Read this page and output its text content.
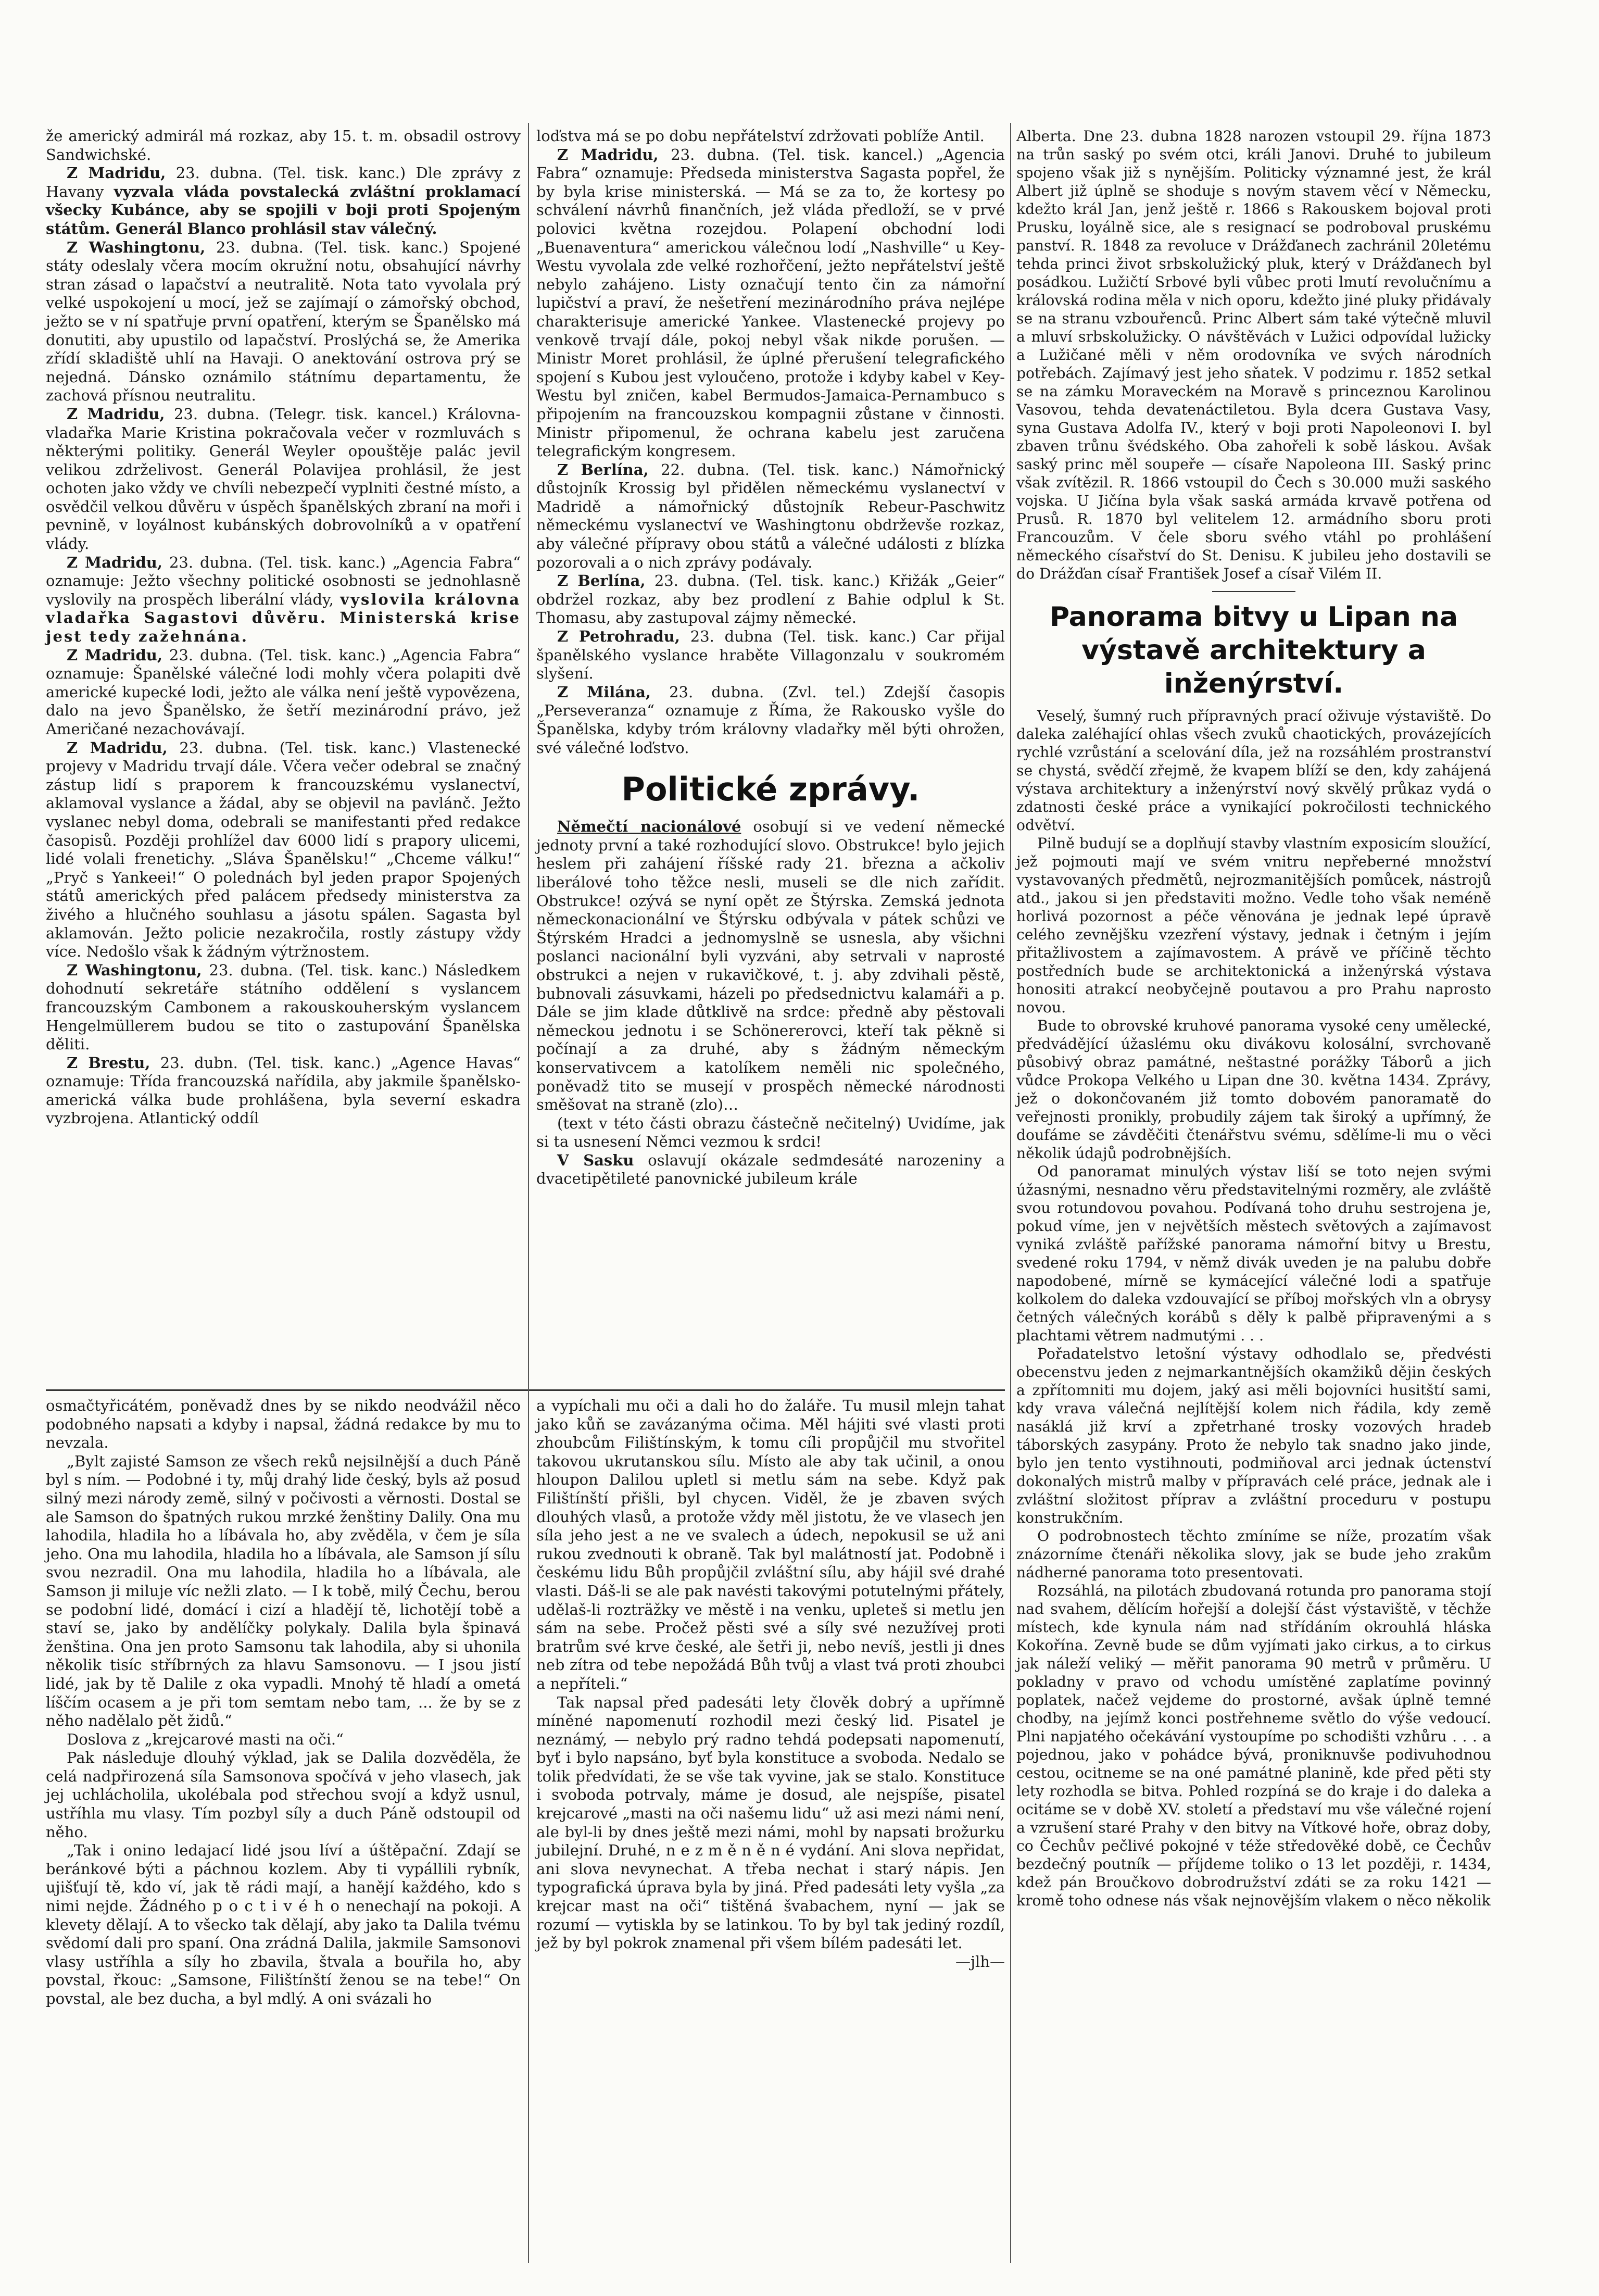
že americký admirál má rozkaz, aby 15. t. m. obsadil ostrovy Sandwichské.

Z Madridu, 23. dubna. (Tel. tisk. kanc.) Dle zprávy z Havany vyzvala vláda povstalecká zvláštní proklamací všecky Kubánce, aby se spojili v boji proti Spojeným státům. Generál Blanco prohlásil stav válečný.

Z Washingtonu, 23. dubna. (Tel. tisk. kanc.) Spojené státy odeslaly včera mocím okružní notu, obsahující návrhy stran zásad o lapačství a neutralitě. Nota tato vyvolala prý velké uspokojení u mocí, jež se zajímají o zámořský obchod, ježto se v ní spatřuje první opatření, kterým se Španělsko má donutiti, aby upustilo od lapačství. Proslýchá se, že Amerika zřídí skladiště uhlí na Havaji. O anektování ostrova prý se nejedná. Dánsko oznámilo státnímu departamentu, že zachová přísnou neutralitu.

Z Madridu, 23. dubna. (Telegr. tisk. kancel.) Královna-vladařka Marie Kristina pokračovala večer v rozmluvách s některými politiky. Generál Weyler opouštěje palác jevil velikou zdrželivost. Generál Polavijea prohlásil, že jest ochoten jako vždy ve chvíli nebezpečí vyplniti čestné místo, a osvědčil velkou důvěru v úspěch španělských zbraní na moři i pevnině, v loyálnost kubánských dobrovolníků a v opatření vlády.

Z Madridu, 23. dubna. (Tel. tisk. kanc.) „Agencia Fabra“ oznamuje: Ježto všechny politické osobnosti se jednohlasně vyslovily na prospěch liberální vlády, vyslovila královna vladařka Sagastovi důvěru. Ministerská krise jest tedy zažehnána.

Z Madridu, 23. dubna. (Tel. tisk. kanc.) „Agencia Fabra“ oznamuje: Španělské válečné lodi mohly včera polapiti dvě americké kupecké lodi, ježto ale válka není ještě vypovězena, dalo na jevo Španělsko, že šetří mezinárodní právo, jež Američané nezachovávají.

Z Madridu, 23. dubna. (Tel. tisk. kanc.) Vlastenecké projevy v Madridu trvají dále. Včera večer odebral se značný zástup lidí s praporem k francouzskému vyslanectví, aklamoval vyslance a žádal, aby se objevil na pavlánč. Ježto vyslanec nebyl doma, odebrali se manifestanti před redakce časopisů. Později prohlížel dav 6000 lidí s prapory ulicemi, lidé volali frenetichy. „Sláva Španělsku!“ „Chceme válku!“ „Pryč s Yankeei!“ O polednách byl jeden prapor Spojených států amerických před palácem předsedy ministerstva za živého a hlučného souhlasu a jásotu spálen. Sagasta byl aklamován. Ježto policie nezakročila, rostly zástupy vždy více. Nedošlo však k žádným výtržnostem.

Z Washingtonu, 23. dubna. (Tel. tisk. kanc.) Následkem dohodnutí sekretáře státního oddělení s vyslancem francouzským Cambonem a rakouskouherským vyslancem Hengelmüllerem budou se tito o zastupování Španělska děliti.

Z Brestu, 23. dubn. (Tel. tisk. kanc.) „Agence Havas“ oznamuje: Třída francouzská nařídila, aby jakmile španělsko-americká válka bude prohlášena, byla severní eskadra vyzbrojena. Atlantický oddíl

loďstva má se po dobu nepřátelství zdržovati poblíže Antil.

Z Madridu, 23. dubna. (Tel. tisk. kancel.) „Agencia Fabra“ oznamuje: Předseda ministerstva Sagasta popřel, že by byla krise ministerská. — Má se za to, že kortesy po schválení návrhů finančních, jež vláda předloží, se v prvé polovici května rozejdou. Polapení obchodní lodi „Buenaventura“ americkou válečnou lodí „Nashville“ u Key-Westu vyvolala zde velké rozhořčení, ježto nepřátelství ještě nebylo zahájeno. Listy označují tento čin za námořní lupičství a praví, že nešetření mezinárodního práva nejlépe charakterisuje americké Yankee. Vlastenecké projevy po venkově trvají dále, pokoj nebyl však nikde porušen. — Ministr Moret prohlásil, že úplné přerušení telegrafického spojení s Kubou jest vyloučeno, protože i kdyby kabel v Key-Westu byl zničen, kabel Bermudos-Jamaica-Pernambuco s připojením na francouzskou kompagnii zůstane v činnosti. Ministr připomenul, že ochrana kabelu jest zaručena telegrafickým kongresem.

Z Berlína, 22. dubna. (Tel. tisk. kanc.) Námořnický důstojník Krossig byl přidělen německému vyslanectví v Madridě a námořnický důstojník Rebeur-Paschwitz německému vyslanectví ve Washingtonu obdrževše rozkaz, aby válečné přípravy obou států a válečné události z blízka pozorovali a o nich zprávy podávaly.

Z Berlína, 23. dubna. (Tel. tisk. kanc.) Křižák „Geier“ obdržel rozkaz, aby bez prodlení z Bahie odplul k St. Thomasu, aby zastupoval zájmy německé.

Z Petrohradu, 23. dubna (Tel. tisk. kanc.) Car přijal španělského vyslance hraběte Villagonzalu v soukromém slyšení.

Z Milána, 23. dubna. (Zvl. tel.) Zdejší časopis „Perseveranza“ oznamuje z Říma, že Rakousko vyšle do Španělska, kdyby tróm královny vladařky měl býti ohrožen, své válečné loďstvo.

Politické zprávy.

Němečtí nacionálové osobují si ve vedení německé jednoty první a také rozhodující slovo. Obstrukce! bylo jejich heslem při zahájení říšské rady 21. března a ačkoliv liberálové toho těžce nesli, museli se dle nich zařídit. Obstrukce! ozývá se nyní opět ze Štýrska. Zemská jednota německonacionální ve Štýrsku odbývala v pátek schůzi ve Štýrském Hradci a jednomyslně se usnesla, aby všichni poslanci nacionální byli vyzváni, aby setrvali v naprosté obstrukci a nejen v rukavičkové, t. j. aby zdvihali pěstě, bubnovali zásuvkami, házeli po předsednictvu kalamáři a p. Dále se jim klade důtklivě na srdce: předně aby pěstovali německou jednotu i se Schönererovci, kteří tak pěkně si počínají a za druhé, aby s žádným německým konservativcem a katolíkem neměli nic společného, poněvadž tito se musejí v prospěch německé národnosti směšovat na straně (zlo)…

(text v této části obrazu částečně nečitelný) Uvidíme, jak si ta usnesení Němci vezmou k srdci!

V Sasku oslavují okázale sedmdesáté narozeniny a dvacetipětileté panovnické jubileum krále

Alberta. Dne 23. dubna 1828 narozen vstoupil 29. října 1873 na trůn saský po svém otci, králi Janovi. Druhé to jubileum spojeno však již s nynějším. Politicky významné jest, že král Albert již úplně se shoduje s novým stavem věcí v Německu, kdežto král Jan, jenž ještě r. 1866 s Rakouskem bojoval proti Prusku, loyálně sice, ale s resignací se podroboval pruskému panství. R. 1848 za revoluce v Drážďanech zachránil 20letému tehda princi život srbskolužický pluk, který v Drážďanech byl posádkou. Lužičtí Srbové byli vůbec proti lmutí revolučnímu a královská rodina měla v nich oporu, kdežto jiné pluky přidávaly se na stranu vzbouřenců. Princ Albert sám také výtečně mluvil a mluví srbskolužicky. O návštěvách v Lužici odpovídal lužicky a Lužičané měli v něm orodovníka ve svých národních potřebách. Zajímavý jest jeho sňatek. V podzimu r. 1852 setkal se na zámku Moraveckém na Moravě s princeznou Karolinou Vasovou, tehda devatenáctiletou. Byla dcera Gustava Vasy, syna Gustava Adolfa IV., který v boji proti Napoleonovi I. byl zbaven trůnu švédského. Oba zahořeli k sobě láskou. Avšak saský princ měl soupeře — císaře Napoleona III. Saský princ však zvítězil. R. 1866 vstoupil do Čech s 30.000 muži saského vojska. U Jičína byla však saská armáda krvavě potřena od Prusů. R. 1870 byl velitelem 12. armádního sboru proti Francouzům. V čele sboru svého vtáhl po prohlášení německého císařství do St. Denisu. K jubileu jeho dostavili se do Drážďan císař František Josef a císař Vilém II.

Panorama bitvy u Lipan na výstavě architektury a inženýrství.

Veselý, šumný ruch přípravných prací oživuje výstaviště. Do daleka zaléhající ohlas všech zvuků chaotických, provázejících rychlé vzrůstání a scelování díla, jež na rozsáhlém prostranství se chystá, svědčí zřejmě, že kvapem blíží se den, kdy zahájená výstava architektury a inženýrství nový skvělý průkaz vydá o zdatnosti české práce a vynikající pokročilosti technického odvětví.

Pilně budují se a doplňují stavby vlastním exposicím sloužící, jež pojmouti mají ve svém vnitru nepřeberné množství vystavovaných předmětů, nejrozmanitějších pomůcek, nástrojů atd., jakou si jen představiti možno. Vedle toho však neméně horlivá pozornost a péče věnována je jednak lepé úpravě celého zevnějšku vzezření výstavy, jednak i četným i jejím přitažlivostem a zajímavostem. A právě ve příčině těchto postředních bude se architektonická a inženýrská výstava honositi atrakcí neobyčejně poutavou a pro Prahu naprosto novou.

Bude to obrovské kruhové panorama vysoké ceny umělecké, předvádějící úžaslému oku divákovu kolosální, svrchovaně působivý obraz památné, neštastné porážky Táborů a jich vůdce Prokopa Velkého u Lipan dne 30. května 1434. Zprávy, jež o dokončovaném již tomto dobovém panoramatě do veřejnosti pronikly, probudily zájem tak široký a upřímný, že doufáme se závděčiti čtenářstvu svému, sdělíme-li mu o věci několik údajů podrobnějších.

Od panoramat minulých výstav liší se toto nejen svými úžasnými, nesnadno věru představitelnými rozměry, ale zvláště svou rotundovou povahou. Podívaná toho druhu sestrojena je, pokud víme, jen v největších městech světových a zajímavost vyniká zvláště pařížské panorama námořní bitvy u Brestu, svedené roku 1794, v němž divák uveden je na palubu dobře napodobené, mírně se kymácející válečné lodi a spatřuje kolkolem do daleka vzdouvající se příboj mořských vln a obrysy četných válečných korábů s děly k palbě připravenými a s plachtami větrem nadmutými . . .

Pořadatelstvo letošní výstavy odhodlalo se, předvésti obecenstvu jeden z nejmarkantnějších okamžiků dějin českých a zpřítomniti mu dojem, jaký asi měli bojovníci husitští sami, kdy vrava válečná nejlítější kolem nich řádila, kdy země nasáklá již krví a zpřetrhané trosky vozových hradeb táborských zasypány. Proto že nebylo tak snadno jako jinde, bylo jen tento vystihnouti, podmiňoval arci jednak úctenství dokonalých mistrů malby v přípravách celé práce, jednak ale i zvláštní složitost příprav a zvláštní proceduru v postupu konstrukčním.

O podrobnostech těchto zmíníme se níže, prozatím však znázorníme čtenáři několika slovy, jak se bude jeho zrakům nádherné panorama toto presentovati.

Rozsáhlá, na pilotách zbudovaná rotunda pro panorama stojí nad svahem, dělícím hořejší a dolejší část výstaviště, v těchže místech, kde kynula nám nad střídáním okrouhlá hláska Kokořína. Zevně bude se dům vyjímati jako cirkus, a to cirkus jak náleží veliký — měřit panorama 90 metrů v průměru. U pokladny v pravo od vchodu umístěné zaplatíme povinný poplatek, načež vejdeme do prostorné, avšak úplně temné chodby, na jejímž konci postřehneme světlo do výše vedoucí. Plni napjatého očekávání vystoupíme po schodišti vzhůru . . . a pojednou, jako v pohádce bývá, proniknuvše podivuhodnou cestou, ocitneme se na oné památné planině, kde před pěti sty lety rozhodla se bitva. Pohled rozpíná se do kraje i do daleka a ocitáme se v době XV. století a představí mu vše válečné rojení a vzrušení staré Prahy v den bitvy na Vítkové hoře, obraz doby, co Čechův pečlivé pokojné v téže středověké době, ce Čechův bezdečný poutník — příjdeme toliko o 13 let později, r. 1434, kdež pán Broučkovo dobrodružství zdáti se za roku 1421 — kromě toho odnese nás však nejnovějším vlakem o něco několik

osmačtyřicátém, poněvadž dnes by se nikdo neodvážil něco podobného napsati a kdyby i napsal, žádná redakce by mu to nevzala.

„Bylt zajisté Samson ze všech reků nejsilnější a duch Páně byl s ním. — Podobné i ty, můj drahý lide český, byls až posud silný mezi národy země, silný v počivosti a věrnosti. Dostal se ale Samson do špatných rukou mrzké ženštiny Dalily. Ona mu lahodila, hladila ho a líbávala ho, aby zvěděla, v čem je síla jeho. Ona mu lahodila, hladila ho a líbávala, ale Samson jí sílu svou nezradil. Ona mu lahodila, hladila ho a líbávala, ale Samson ji miluje víc nežli zlato. — I k tobě, milý Čechu, berou se podobní lidé, domácí i cizí a hladějí tě, lichotějí tobě a staví se, jako by andělíčky polykaly. Dalila byla špinavá ženština. Ona jen proto Samsonu tak lahodila, aby si uhonila několik tisíc stříbrných za hlavu Samsonovu. — I jsou jistí lidé, jak by tě Dalile z oka vypadli. Mnohý tě hladí a ometá líščím ocasem a je při tom semtam nebo tam, ... že by se z něho nadělalo pět židů.“

Doslova z „krejcarové masti na oči.“

Pak následuje dlouhý výklad, jak se Dalila dozvěděla, že celá nadpřirozená síla Samsonova spočívá v jeho vlasech, jak jej uchlácholila, ukolébala pod střechou svojí a když usnul, ustříhla mu vlasy. Tím pozbyl síly a duch Páně odstoupil od něho.

„Tak i onino ledajací lidé jsou líví a úštěpační. Zdají se beránkové býti a páchnou kozlem. Aby ti vypállili rybník, ujišťují tě, kdo ví, jak tě rádi mají, a hanějí každého, kdo s nimi nejde. Žádného p o c t i v é h o nenechají na pokoji. A klevety dělají. A to všecko tak dělají, aby jako ta Dalila tvému svědomí dali pro spaní. Ona zrádná Dalila, jakmile Samsonovi vlasy ustříhla a síly ho zbavila, štvala a bouřila ho, aby povstal, řkouc: „Samsone, Filištínští ženou se na tebe!“ On povstal, ale bez ducha, a byl mdlý. A oni svázali ho

a vypíchali mu oči a dali ho do žaláře. Tu musil mlejn tahat jako kůň se zavázanýma očima. Měl hájiti své vlasti proti zhoubcům Filištínským, k tomu cíli propůjčil mu stvořitel takovou ukrutanskou sílu. Místo ale aby tak učinil, a onou hloupon Dalilou upletl si metlu sám na sebe. Když pak Filištínští přišli, byl chycen. Viděl, že je zbaven svých dlouhých vlasů, a protože vždy měl jistotu, že ve vlasech jen síla jeho jest a ne ve svalech a údech, nepokusil se už ani rukou zvednouti k obraně. Tak byl malátností jat. Podobně i českému lidu Bůh propůjčil zvláštní sílu, aby hájil své drahé vlasti. Dáš-li se ale pak navésti takovými potutelnými přátely, udělaš-li rozträžky ve městě i na venku, upleteš si metlu jen sám na sebe. Pročež pěsti své a síly své nezužívej proti bratrům své krve české, ale šetři ji, nebo nevíš, jestli ji dnes neb zítra od tebe nepožádá Bůh tvůj a vlast tvá proti zhoubci a nepříteli.“

Tak napsal před padesáti lety člověk dobrý a upřímně míněné napomenutí rozhodil mezi český lid. Pisatel je neznámý, — nebylo prý radno tehdá podepsati napomenutí, byť i bylo napsáno, byť byla konstituce a svoboda. Nedalo se tolik předvídati, že se vše tak vyvine, jak se stalo. Konstituce i svoboda potrvaly, máme je dosud, ale nejspíše, pisatel krejcarové „masti na oči našemu lidu“ už asi mezi námi není, ale byl-li by dnes ještě mezi námi, mohl by napsati brožurku jubilejní. Druhé, n e z m ě n ě n é vydání. Ani slova nepřidat, ani slova nevynechat. A třeba nechat i starý nápis. Jen typografická úprava byla by jiná. Před padesáti lety vyšla „za krejcar mast na oči“ tištěná švabachem, nyní — jak se rozumí — vytiskla by se latinkou. To by byl tak jediný rozdíl, jež by byl pokrok znamenal při všem bílém padesáti let.

—jlh—
